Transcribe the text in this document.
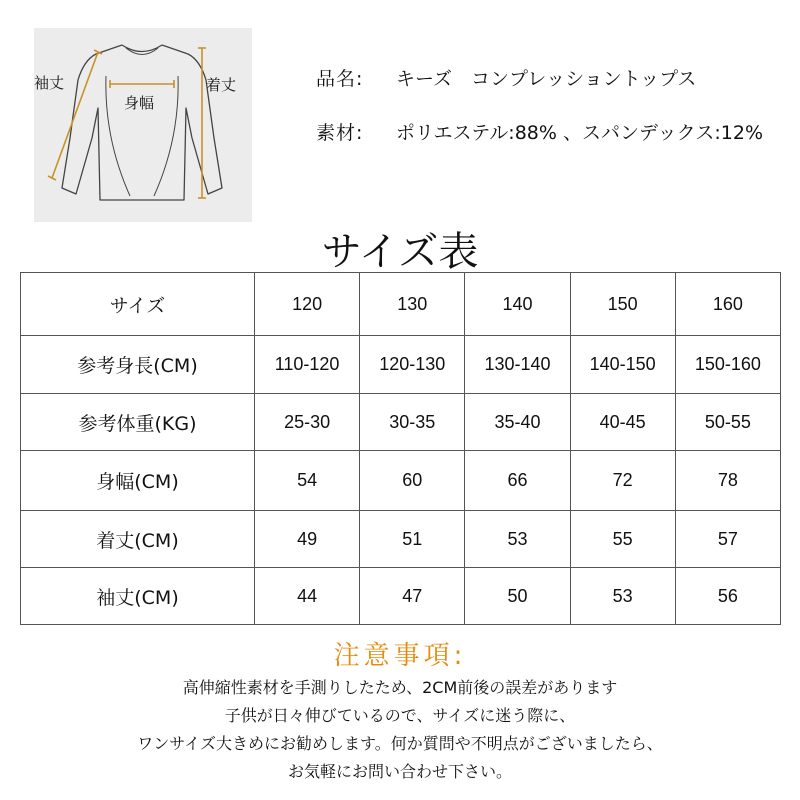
袖丈
身幅
着丈	品名: キーズ　コンプレッショントップス
素材: ポリエステル:88% 、スパンデックス:12%
サイズ表
サイズ	120	130	140	150	160
参考身長(CM)	110-120	120-130	130-140	140-150	150-160
参考体重(KG)	25-30	30-35	35-40	40-45	50-55
身幅(CM)	54	60	66	72	78
着丈(CM)	49	51	53	55	57
袖丈(CM)	44	47	50	53	56
注意事項:
高伸縮性素材を手測りしたため、2CM前後の誤差があります
子供が日々伸びているので、サイズに迷う際に、
ワンサイズ大きめにお勧めします。何か質問や不明点がございましたら、
お気軽にお問い合わせ下さい。
